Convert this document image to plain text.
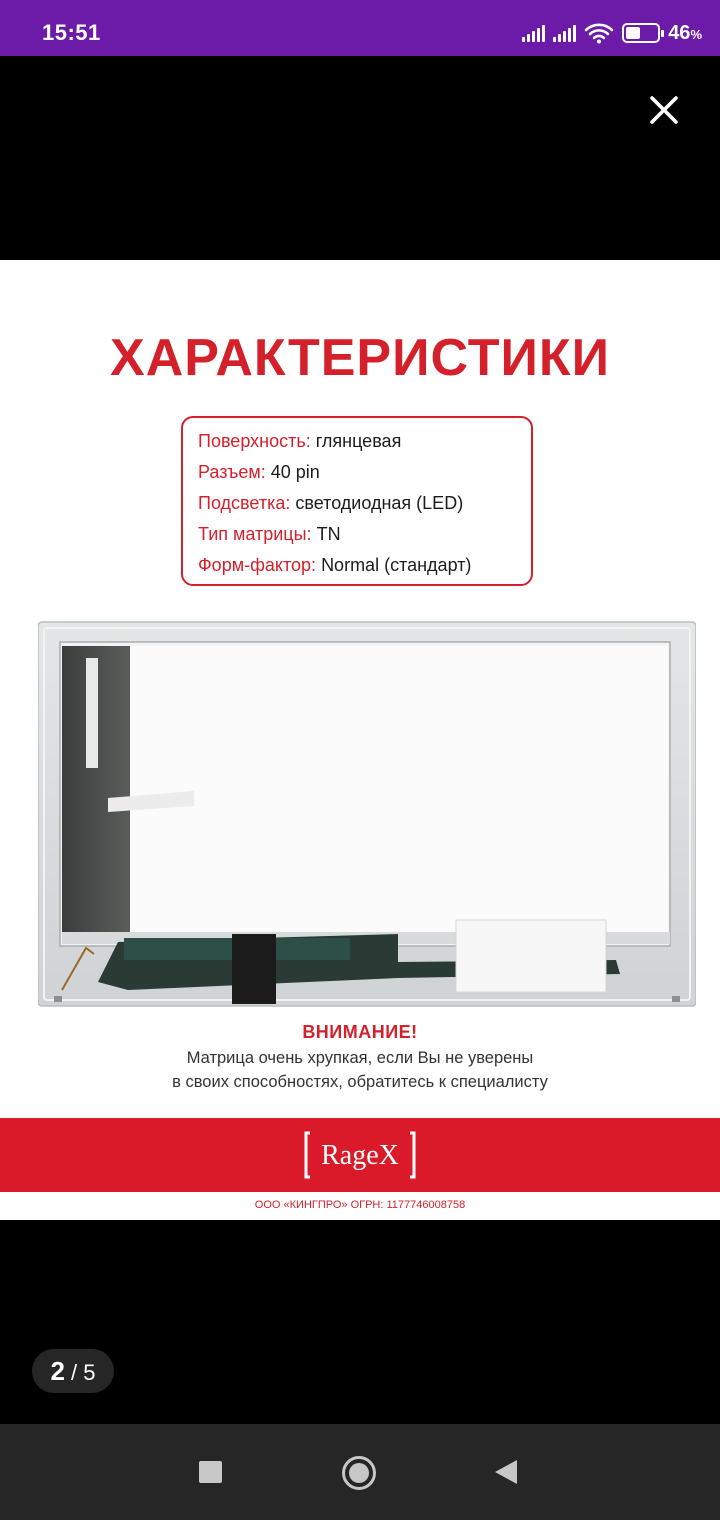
15:51	46%
ХАРАКТЕРИСТИКИ
Поверхность: глянцевая
Разъем: 40 pin
Подсветка: светодиодная (LED)
Тип матрицы: TN
Форм-фактор: Normal (стандарт)
ВНИМАНИЕ!
Матрица очень хрупкая, если Вы не уверены
в своих способностях, обратитесь к специалисту
RageX
ООО «КИНГПРО» ОГРН: 1177746008758
2 / 5
